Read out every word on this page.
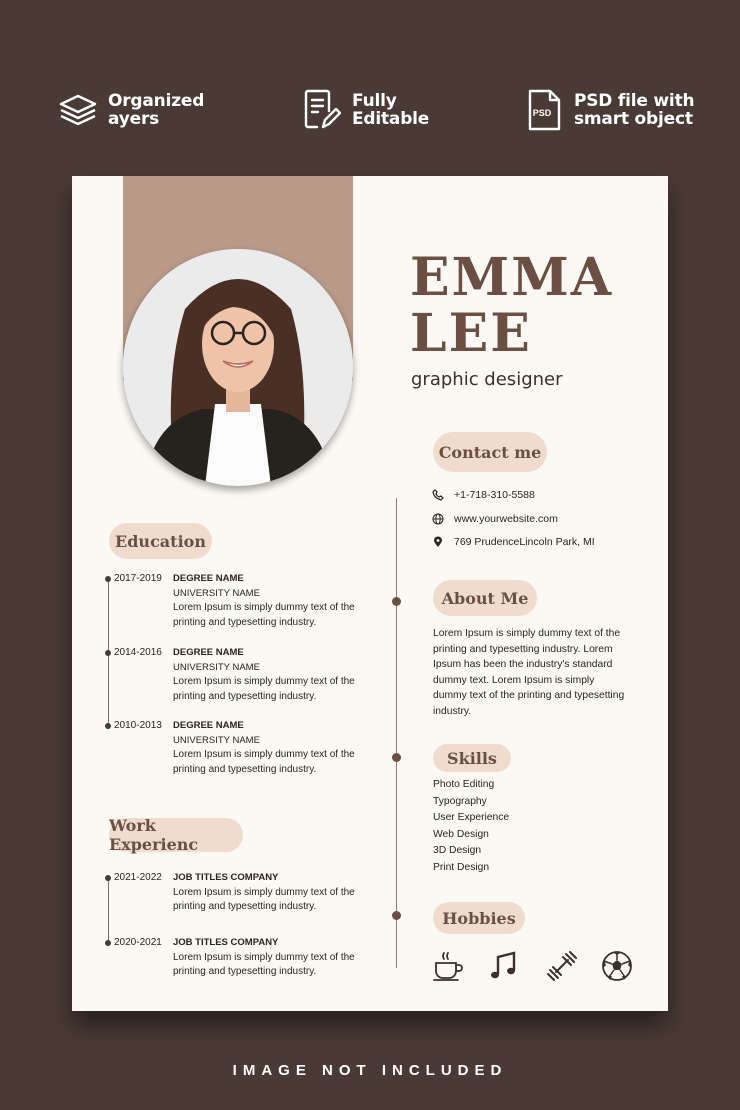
Organized
ayers
Fully
Editable	PSD
PSD file with
smart object
EMMA
LEE
graphic designer
Contact me
+1-718-310-5588
www.yourwebsite.com
769 PrudenceLincoln Park, MI
About Me
Lorem Ipsum is simply dummy text of the printing and typesetting industry. Lorem Ipsum has been the industry's standard dummy text. Lorem Ipsum is simply dummy text of the printing and typesetting industry.
Skills
Photo Editing
Typography
User Experience
Web Design
3D Design
Print Design
Hobbies
Education
2017-2019 DEGREE NAME
UNIVERSITY NAME
Lorem Ipsum is simply dummy text of the printing and typesetting industry.
2014-2016 DEGREE NAME
UNIVERSITY NAME
Lorem Ipsum is simply dummy text of the printing and typesetting industry.
2010-2013 DEGREE NAME
UNIVERSITY NAME
Lorem Ipsum is simply dummy text of the printing and typesetting industry.
Work Experienc
2021-2022 JOB TITLES COMPANY
Lorem Ipsum is simply dummy text of the printing and typesetting industry.
2020-2021 JOB TITLES COMPANY
Lorem Ipsum is simply dummy text of the printing and typesetting industry.
IMAGE NOT INCLUDED
